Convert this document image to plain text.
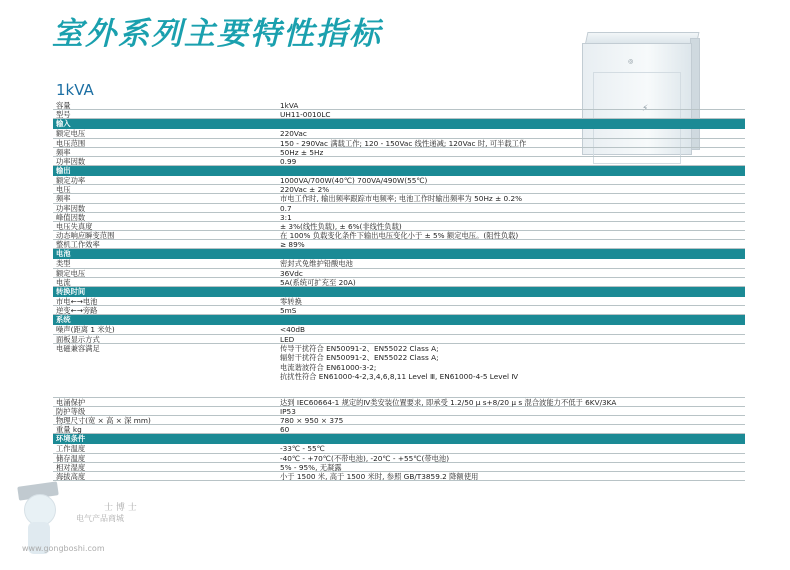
室外系列主要特性指标
1kVA
◎
⚡
容量	1kVA
型号	UH11-0010LC
输入
额定电压	220Vac
电压范围	150 - 290Vac 满载工作; 120 - 150Vac 线性递减; 120Vac 时, 可半载工作
频率	50Hz ± 5Hz
功率因数	0.99
输出
额定功率	1000VA/700W(40℃) 700VA/490W(55℃)
电压	220Vac ± 2%
频率	市电工作时, 输出频率跟踪市电频率; 电池工作时输出频率为 50Hz ± 0.2%
功率因数	0.7
峰值因数	3:1
电压失真度	± 3%(线性负载), ± 6%(非线性负载)
动态响应瞬变范围	在 100% 负载变化条件下输出电压变化小于 ± 5% 额定电压。(阻性负载)
整机工作效率	≥ 89%
电池
类型	密封式免维护铅酸电池
额定电压	36Vdc
电流	5A(系统可扩充至 20A)
转换时间
市电←→电池	零转换
逆变←→旁路	5mS
系统
噪声(距离 1 米处)	<40dB
面板显示方式	LED
电磁兼容满足	传导干扰符合 EN50091-2、EN55022 Class A;
辐射干扰符合 EN50091-2、EN55022 Class A;
电流谐波符合 EN61000-3-2;
抗扰性符合 EN61000-4-2,3,4,6,8,11 Level Ⅲ, EN61000-4-5 Level Ⅳ
电涌保护	达到 IEC60664-1 规定的Ⅳ类安装位置要求, 即承受 1.2/50 μ s+8/20 μ s 混合波能力不低于 6KV/3KA
防护等级	IP53
物理尺寸(宽 × 高 × 深 mm)	780 × 950 × 375
重量 kg	60
环境条件
工作温度	-33℃ - 55℃
储存温度	-40℃ - +70℃(不带电池), -20℃ - +55℃(带电池)
相对湿度	5% - 95%, 无凝露
海拔高度	小于 1500 米, 高于 1500 米时, 参照 GB/T3859.2 降额使用
士 博 士
电气产品商城
www.gongboshi.com
